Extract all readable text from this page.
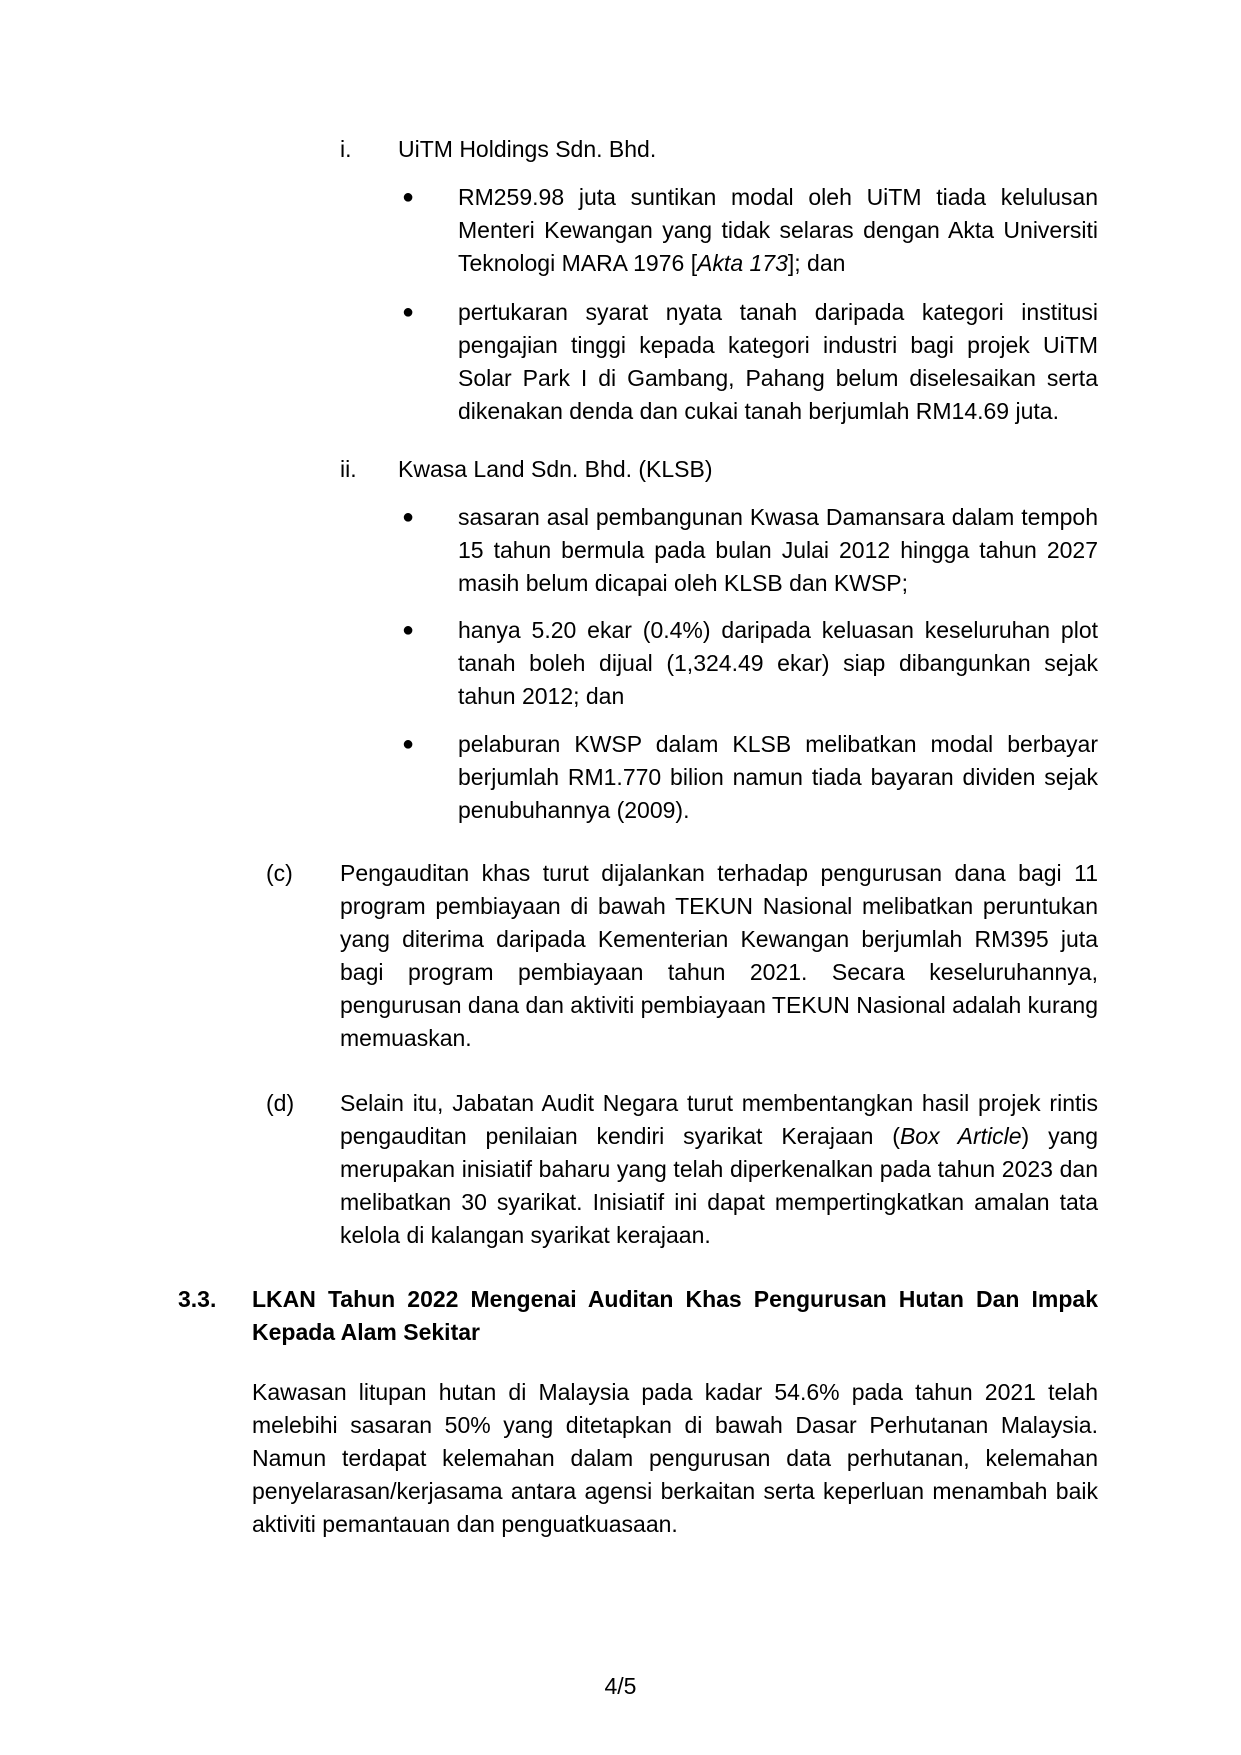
i. UiTM Holdings Sdn. Bhd.
● RM259.98 juta suntikan modal oleh UiTM tiada kelulusan Menteri Kewangan yang tidak selaras dengan Akta Universiti Teknologi MARA 1976 [Akta 173]; dan

● pertukaran syarat nyata tanah daripada kategori institusi pengajian tinggi kepada kategori industri bagi projek UiTM Solar Park I di Gambang, Pahang belum diselesaikan serta dikenakan denda dan cukai tanah berjumlah RM14.69 juta.

ii. Kwasa Land Sdn. Bhd. (KLSB)
● sasaran asal pembangunan Kwasa Damansara dalam tempoh 15 tahun bermula pada bulan Julai 2012 hingga tahun 2027 masih belum dicapai oleh KLSB dan KWSP;

● hanya 5.20 ekar (0.4%) daripada keluasan keseluruhan plot tanah boleh dijual (1,324.49 ekar) siap dibangunkan sejak tahun 2012; dan

● pelaburan KWSP dalam KLSB melibatkan modal berbayar berjumlah RM1.770 bilion namun tiada bayaran dividen sejak penubuhannya (2009).

(c) Pengauditan khas turut dijalankan terhadap pengurusan dana bagi 11 program pembiayaan di bawah TEKUN Nasional melibatkan peruntukan yang diterima daripada Kementerian Kewangan berjumlah RM395 juta bagi program pembiayaan tahun 2021. Secara keseluruhannya, pengurusan dana dan aktiviti pembiayaan TEKUN Nasional adalah kurang memuaskan.

(d) Selain itu, Jabatan Audit Negara turut membentangkan hasil projek rintis pengauditan penilaian kendiri syarikat Kerajaan (Box Article) yang merupakan inisiatif baharu yang telah diperkenalkan pada tahun 2023 dan melibatkan 30 syarikat. Inisiatif ini dapat mempertingkatkan amalan tata kelola di kalangan syarikat kerajaan.

3.3. LKAN Tahun 2022 Mengenai Auditan Khas Pengurusan Hutan Dan Impak Kepada Alam Sekitar

Kawasan litupan hutan di Malaysia pada kadar 54.6% pada tahun 2021 telah melebihi sasaran 50% yang ditetapkan di bawah Dasar Perhutanan Malaysia. Namun terdapat kelemahan dalam pengurusan data perhutanan, kelemahan penyelarasan/kerjasama antara agensi berkaitan serta keperluan menambah baik aktiviti pemantauan dan penguatkuasaan.

4/5
